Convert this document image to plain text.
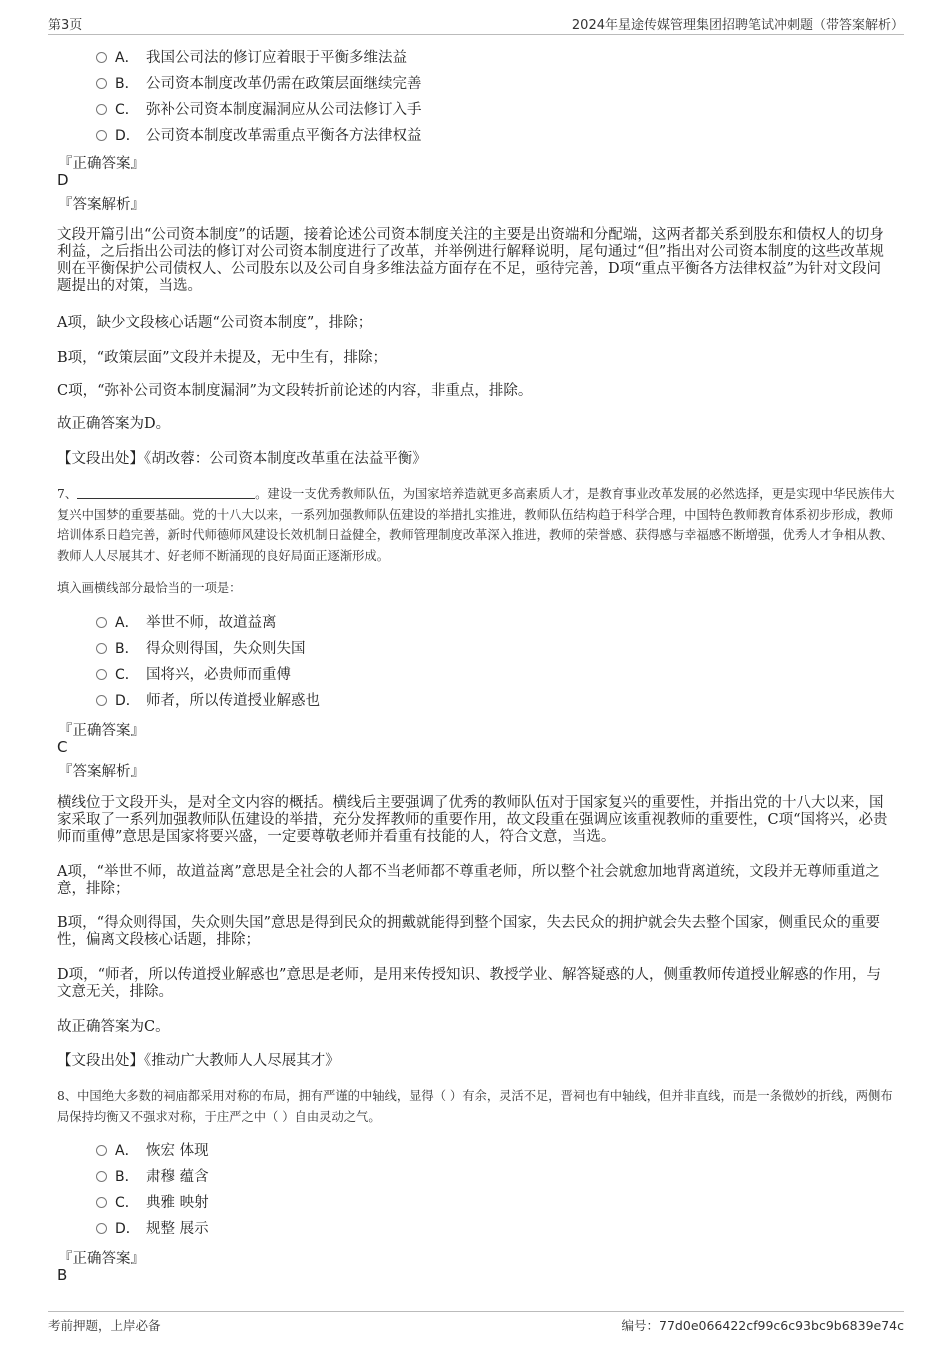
第3页	2024年星途传媒管理集团招聘笔试冲刺题（带答案解析）
A． 我国公司法的修订应着眼于平衡多维法益
B． 公司资本制度改革仍需在政策层面继续完善
C． 弥补公司资本制度漏洞应从公司法修订入手
D． 公司资本制度改革需重点平衡各方法律权益
『正确答案』
D
『答案解析』
文段开篇引出“公司资本制度”的话题，接着论述公司资本制度关注的主要是出资端和分配端，这两者都关系到股东和债权人的切身利益，之后指出公司法的修订对公司资本制度进行了改革，并举例进行解释说明，尾句通过“但”指出对公司资本制度的这些改革规则在平衡保护公司债权人、公司股东以及公司自身多维法益方面存在不足，亟待完善，D项“重点平衡各方法律权益”为针对文段问题提出的对策，当选。
A项，缺少文段核心话题“公司资本制度”，排除；
B项，“政策层面”文段并未提及，无中生有，排除；
C项，“弥补公司资本制度漏洞”为文段转折前论述的内容，非重点，排除。
故正确答案为D。
【文段出处】《胡改蓉：公司资本制度改革重在法益平衡》
7、	。建设一支优秀教师队伍，为国家培养造就更多高素质人才，是教育事业改革发展的必然选择，更是实现中华民族伟大复兴中国梦的重要基础。党的十八大以来，一系列加强教师队伍建设的举措扎实推进，教师队伍结构趋于科学合理，中国特色教师教育体系初步形成，教师培训体系日趋完善，新时代师德师风建设长效机制日益健全，教师管理制度改革深入推进，教师的荣誉感、获得感与幸福感不断增强，优秀人才争相从教、教师人人尽展其才、好老师不断涌现的良好局面正逐渐形成。
填入画横线部分最恰当的一项是：
A． 举世不师，故道益离
B． 得众则得国，失众则失国
C． 国将兴，必贵师而重傅
D． 师者，所以传道授业解惑也
『正确答案』
C
『答案解析』
横线位于文段开头，是对全文内容的概括。横线后主要强调了优秀的教师队伍对于国家复兴的重要性，并指出党的十八大以来，国家采取了一系列加强教师队伍建设的举措，充分发挥教师的重要作用，故文段重在强调应该重视教师的重要性，C项“国将兴，必贵师而重傅”意思是国家将要兴盛，一定要尊敬老师并看重有技能的人，符合文意，当选。
A项，“举世不师，故道益离”意思是全社会的人都不当老师都不尊重老师，所以整个社会就愈加地背离道统，文段并无尊师重道之意，排除；
B项，“得众则得国，失众则失国”意思是得到民众的拥戴就能得到整个国家，失去民众的拥护就会失去整个国家，侧重民众的重要性，偏离文段核心话题，排除；
D项，“师者，所以传道授业解惑也”意思是老师，是用来传授知识、教授学业、解答疑惑的人，侧重教师传道授业解惑的作用，与文意无关，排除。
故正确答案为C。
【文段出处】《推动广大教师人人尽展其才》
8、中国绝大多数的祠庙都采用对称的布局，拥有严谨的中轴线，显得（ ）有余，灵活不足，晋祠也有中轴线，但并非直线，而是一条微妙的折线，两侧布局保持均衡又不强求对称，于庄严之中（ ）自由灵动之气。
A． 恢宏 体现
B． 肃穆 蕴含
C． 典雅 映射
D． 规整 展示
『正确答案』
B
考前押题，上岸必备	编号：77d0e066422cf99c6c93bc9b6839e74c
